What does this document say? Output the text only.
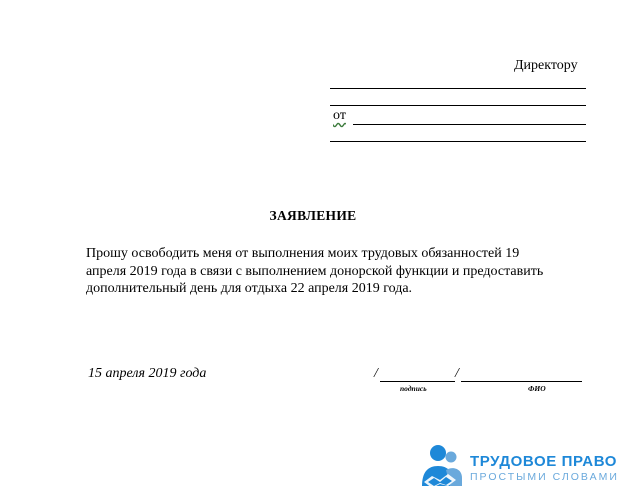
Директору
от
ЗАЯВЛЕНИЕ
Прошу освободить меня от выполнения моих трудовых обязанностей 19
апреля 2019 года в связи с выполнением донорской функции и предоставить
дополнительный день для отдыха 22 апреля 2019 года.
15 апреля 2019 года	/	/
подпись	ФИО
ТРУДОВОЕ ПРАВО
ПРОСТЫМИ СЛОВАМИ
